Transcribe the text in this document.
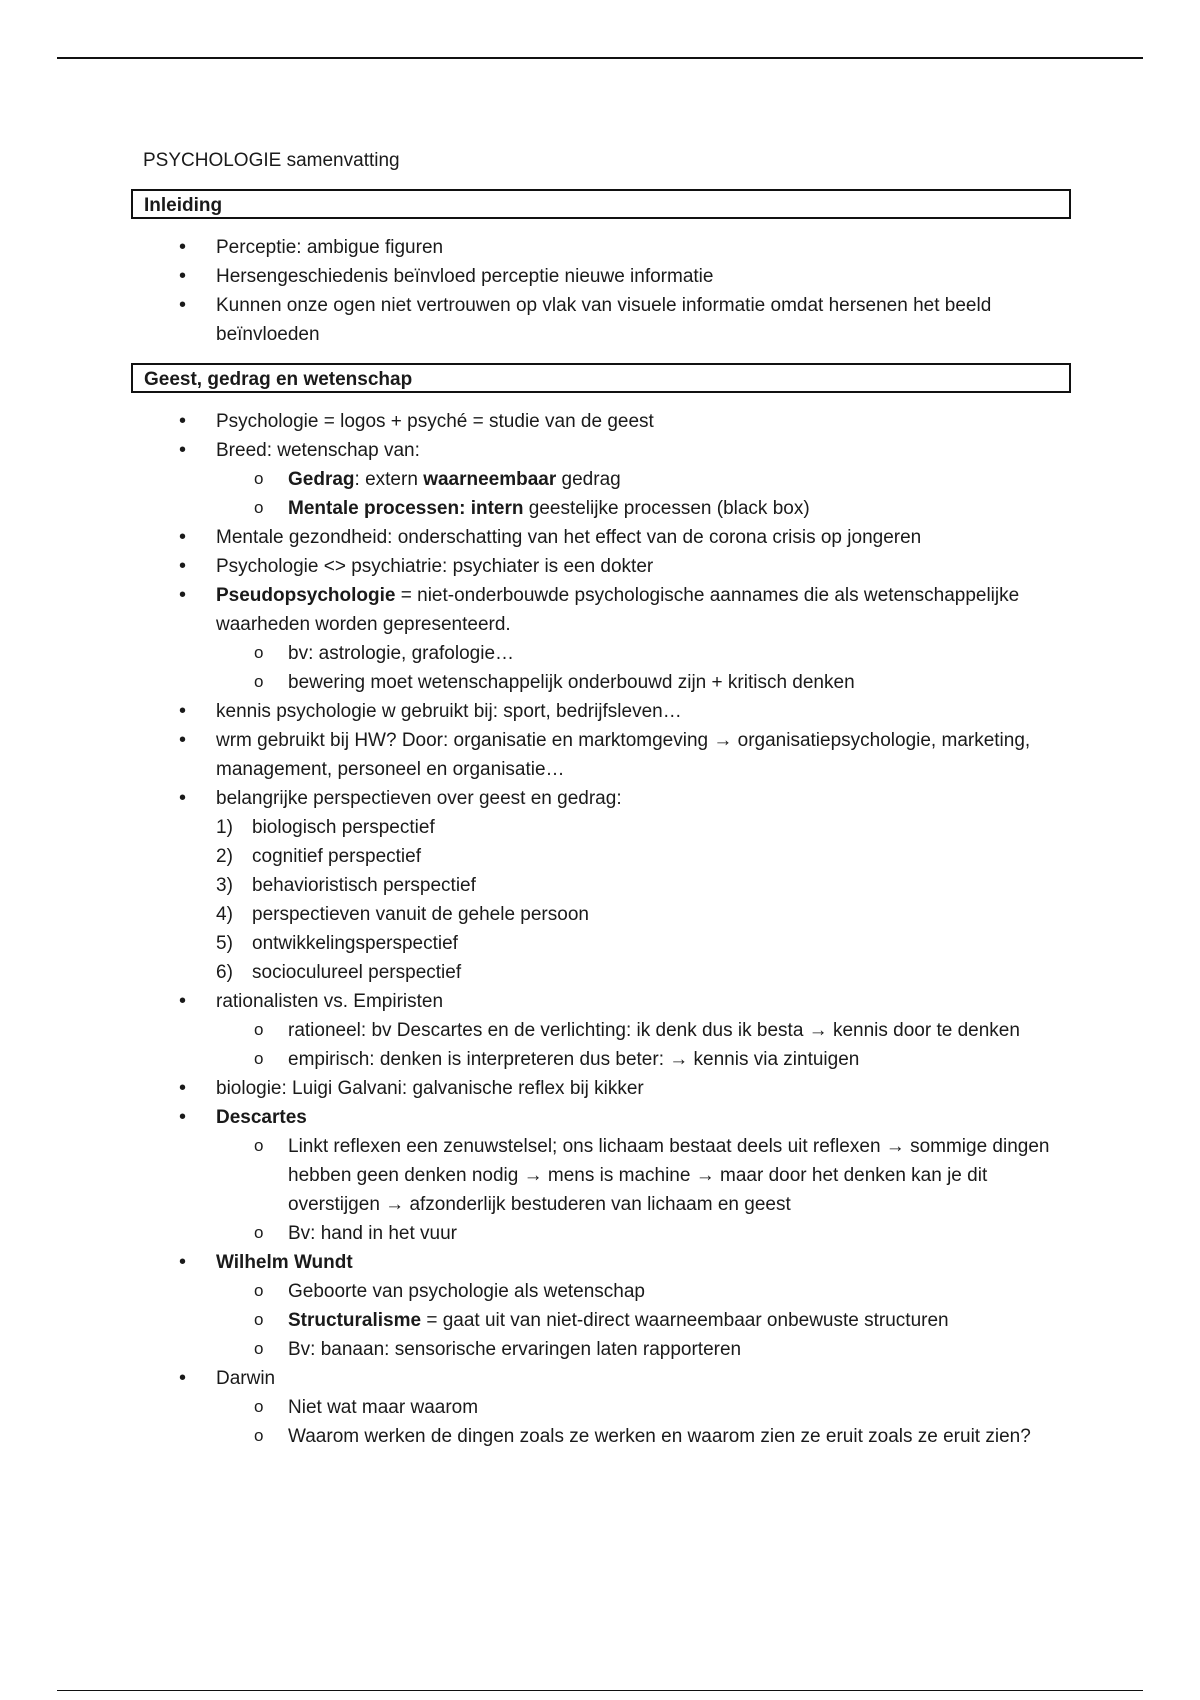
PSYCHOLOGIE samenvatting
Inleiding
• Perceptie: ambigue figuren
• Hersengeschiedenis beïnvloed perceptie nieuwe informatie
• Kunnen onze ogen niet vertrouwen op vlak van visuele informatie omdat hersenen het beeld beïnvloeden
Geest, gedrag en wetenschap
• Psychologie = logos + psyché = studie van de geest
• Breed: wetenschap van:
o Gedrag: extern waarneembaar gedrag
o Mentale processen: intern geestelijke processen (black box)
• Mentale gezondheid: onderschatting van het effect van de corona crisis op jongeren
• Psychologie <> psychiatrie: psychiater is een dokter
• Pseudopsychologie = niet-onderbouwde psychologische aannames die als wetenschappelijke waarheden worden gepresenteerd.
o bv: astrologie, grafologie…
o bewering moet wetenschappelijk onderbouwd zijn + kritisch denken
• kennis psychologie w gebruikt bij: sport, bedrijfsleven…
• wrm gebruikt bij HW? Door: organisatie en marktomgeving → organisatiepsychologie, marketing, management, personeel en organisatie…
• belangrijke perspectieven over geest en gedrag:
1) biologisch perspectief
2) cognitief perspectief
3) behavioristisch perspectief
4) perspectieven vanuit de gehele persoon
5) ontwikkelingsperspectief
6) socioculureel perspectief
• rationalisten vs. Empiristen
o rationeel: bv Descartes en de verlichting: ik denk dus ik besta → kennis door te denken
o empirisch: denken is interpreteren dus beter: → kennis via zintuigen
• biologie: Luigi Galvani: galvanische reflex bij kikker
• Descartes
o Linkt reflexen een zenuwstelsel; ons lichaam bestaat deels uit reflexen → sommige dingen hebben geen denken nodig → mens is machine → maar door het denken kan je dit overstijgen → afzonderlijk bestuderen van lichaam en geest
o Bv: hand in het vuur
• Wilhelm Wundt
o Geboorte van psychologie als wetenschap
o Structuralisme = gaat uit van niet-direct waarneembaar onbewuste structuren
o Bv: banaan: sensorische ervaringen laten rapporteren
• Darwin
o Niet wat maar waarom
o Waarom werken de dingen zoals ze werken en waarom zien ze eruit zoals ze eruit zien?
